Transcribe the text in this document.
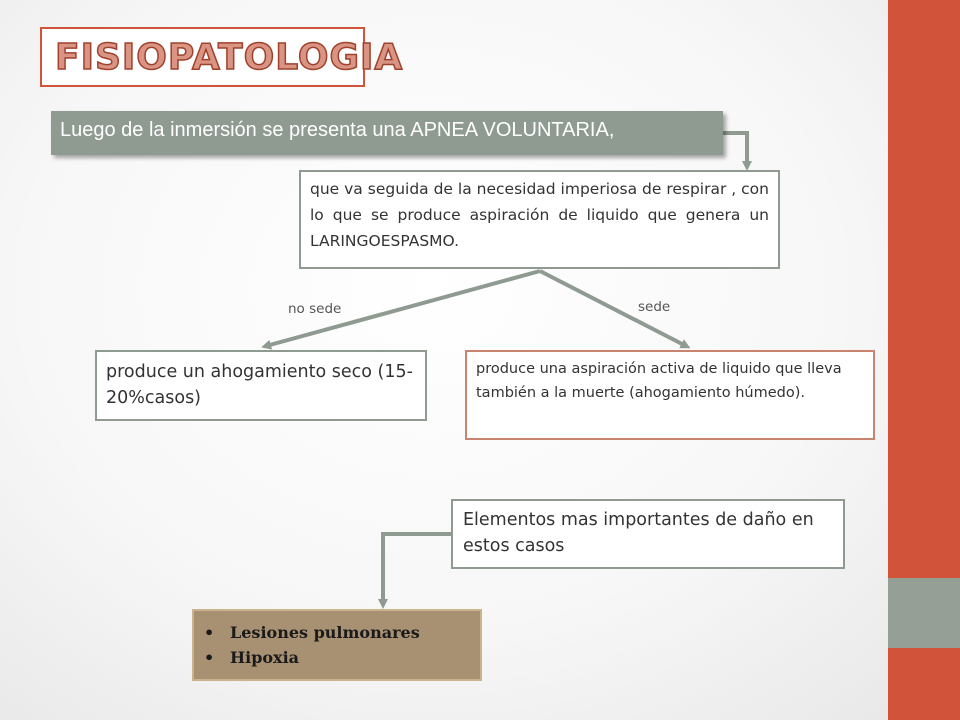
FISIOPATOLOGIA
Luego de la inmersión se presenta una APNEA VOLUNTARIA,
que va seguida de la necesidad imperiosa de respirar , con lo que se produce aspiración de liquido que genera un LARINGOESPASMO.
no sede	sede
produce un ahogamiento seco (15-20%casos)
produce una aspiración activa de liquido que lleva también a la muerte (ahogamiento húmedo).
Elementos mas importantes de daño en estos casos
• Lesiones pulmonares
• Hipoxia
